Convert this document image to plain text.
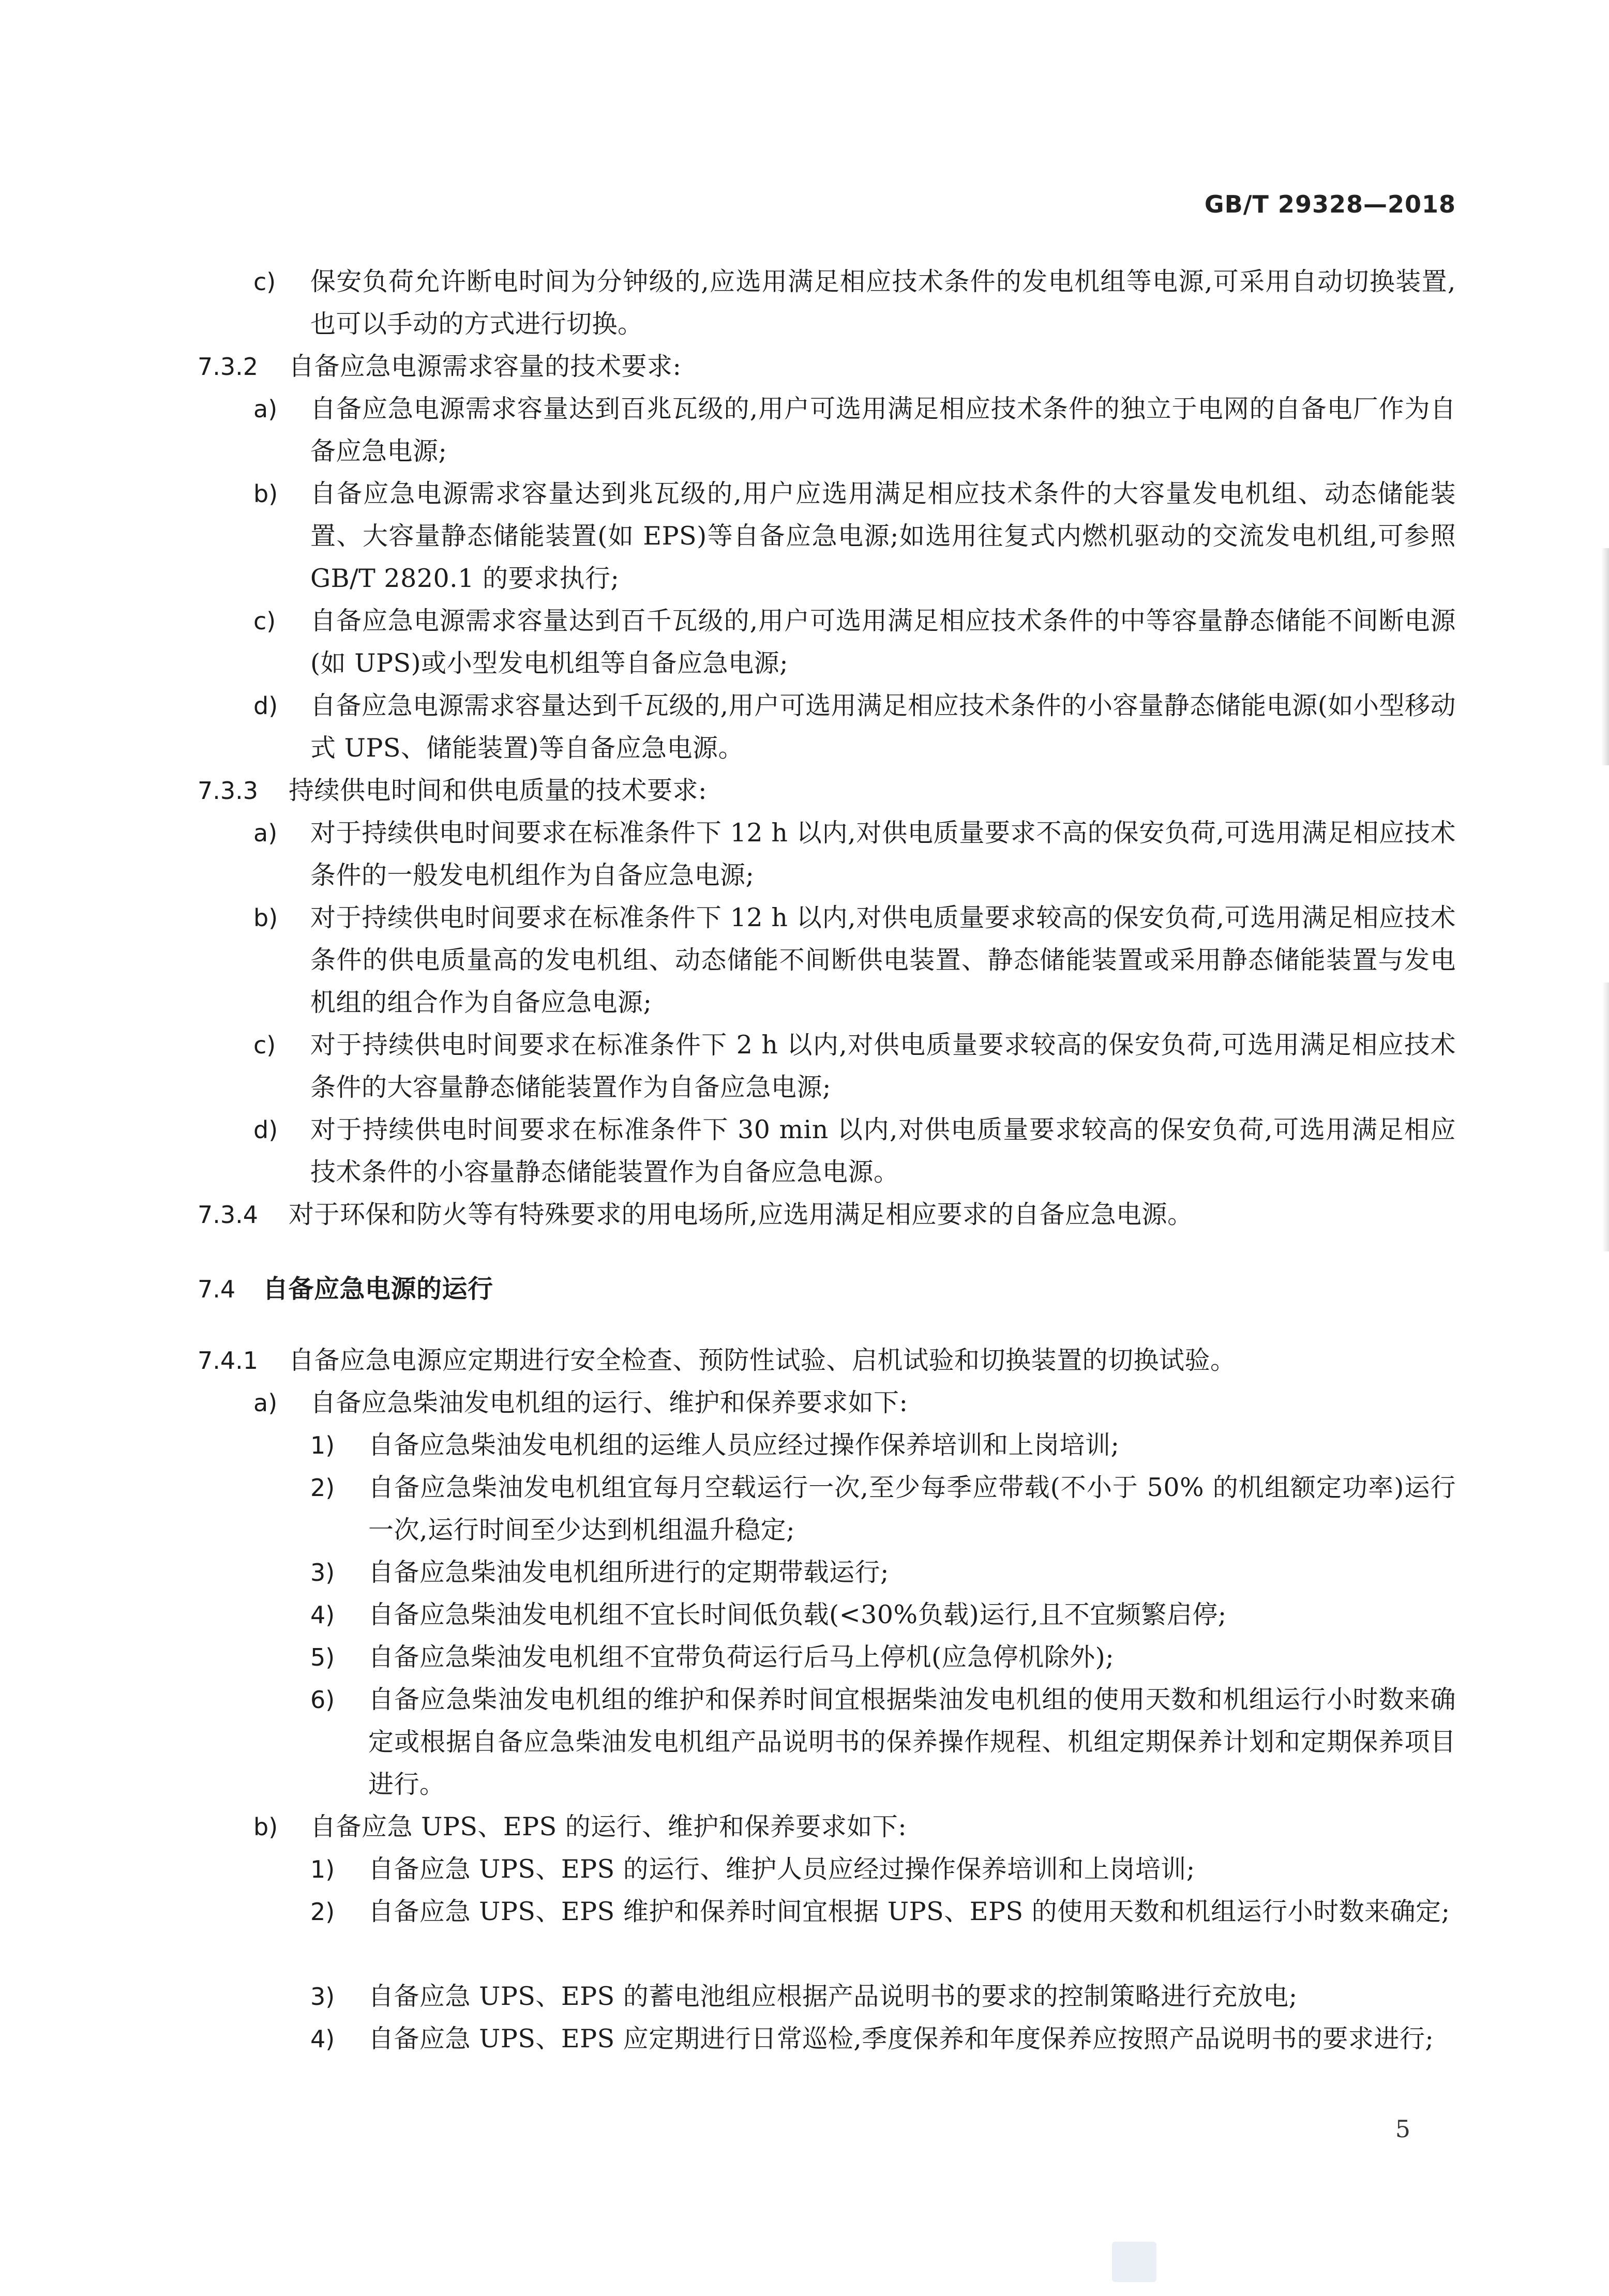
GB/T 29328—2018
c) 保安负荷允许断电时间为分钟级的,应选用满足相应技术条件的发电机组等电源,可采用自动切换装置,也可以手动的方式进行切换。
7.3.2 自备应急电源需求容量的技术要求:
a) 自备应急电源需求容量达到百兆瓦级的,用户可选用满足相应技术条件的独立于电网的自备电厂作为自备应急电源;
b) 自备应急电源需求容量达到兆瓦级的,用户应选用满足相应技术条件的大容量发电机组、动态储能装置、大容量静态储能装置(如 EPS)等自备应急电源;如选用往复式内燃机驱动的交流发电机组,可参照 GB/T 2820.1 的要求执行;
c) 自备应急电源需求容量达到百千瓦级的,用户可选用满足相应技术条件的中等容量静态储能不间断电源(如 UPS)或小型发电机组等自备应急电源;
d) 自备应急电源需求容量达到千瓦级的,用户可选用满足相应技术条件的小容量静态储能电源(如小型移动式 UPS、储能装置)等自备应急电源。
7.3.3 持续供电时间和供电质量的技术要求:
a) 对于持续供电时间要求在标准条件下 12 h 以内,对供电质量要求不高的保安负荷,可选用满足相应技术条件的一般发电机组作为自备应急电源;
b) 对于持续供电时间要求在标准条件下 12 h 以内,对供电质量要求较高的保安负荷,可选用满足相应技术条件的供电质量高的发电机组、动态储能不间断供电装置、静态储能装置或采用静态储能装置与发电机组的组合作为自备应急电源;
c) 对于持续供电时间要求在标准条件下 2 h 以内,对供电质量要求较高的保安负荷,可选用满足相应技术条件的大容量静态储能装置作为自备应急电源;
d) 对于持续供电时间要求在标准条件下 30 min 以内,对供电质量要求较高的保安负荷,可选用满足相应技术条件的小容量静态储能装置作为自备应急电源。
7.3.4 对于环保和防火等有特殊要求的用电场所,应选用满足相应要求的自备应急电源。
7.4 自备应急电源的运行
7.4.1 自备应急电源应定期进行安全检查、预防性试验、启机试验和切换装置的切换试验。
a) 自备应急柴油发电机组的运行、维护和保养要求如下:
1) 自备应急柴油发电机组的运维人员应经过操作保养培训和上岗培训;
2) 自备应急柴油发电机组宜每月空载运行一次,至少每季应带载(不小于 50% 的机组额定功率)运行一次,运行时间至少达到机组温升稳定;
3) 自备应急柴油发电机组所进行的定期带载运行;
4) 自备应急柴油发电机组不宜长时间低负载(<30%负载)运行,且不宜频繁启停;
5) 自备应急柴油发电机组不宜带负荷运行后马上停机(应急停机除外);
6) 自备应急柴油发电机组的维护和保养时间宜根据柴油发电机组的使用天数和机组运行小时数来确定或根据自备应急柴油发电机组产品说明书的保养操作规程、机组定期保养计划和定期保养项目进行。
b) 自备应急 UPS、EPS 的运行、维护和保养要求如下:
1) 自备应急 UPS、EPS 的运行、维护人员应经过操作保养培训和上岗培训;
2) 自备应急 UPS、EPS 维护和保养时间宜根据 UPS、EPS 的使用天数和机组运行小时数来确定;
3) 自备应急 UPS、EPS 的蓄电池组应根据产品说明书的要求的控制策略进行充放电;
4) 自备应急 UPS、EPS 应定期进行日常巡检,季度保养和年度保养应按照产品说明书的要求进行;
5
